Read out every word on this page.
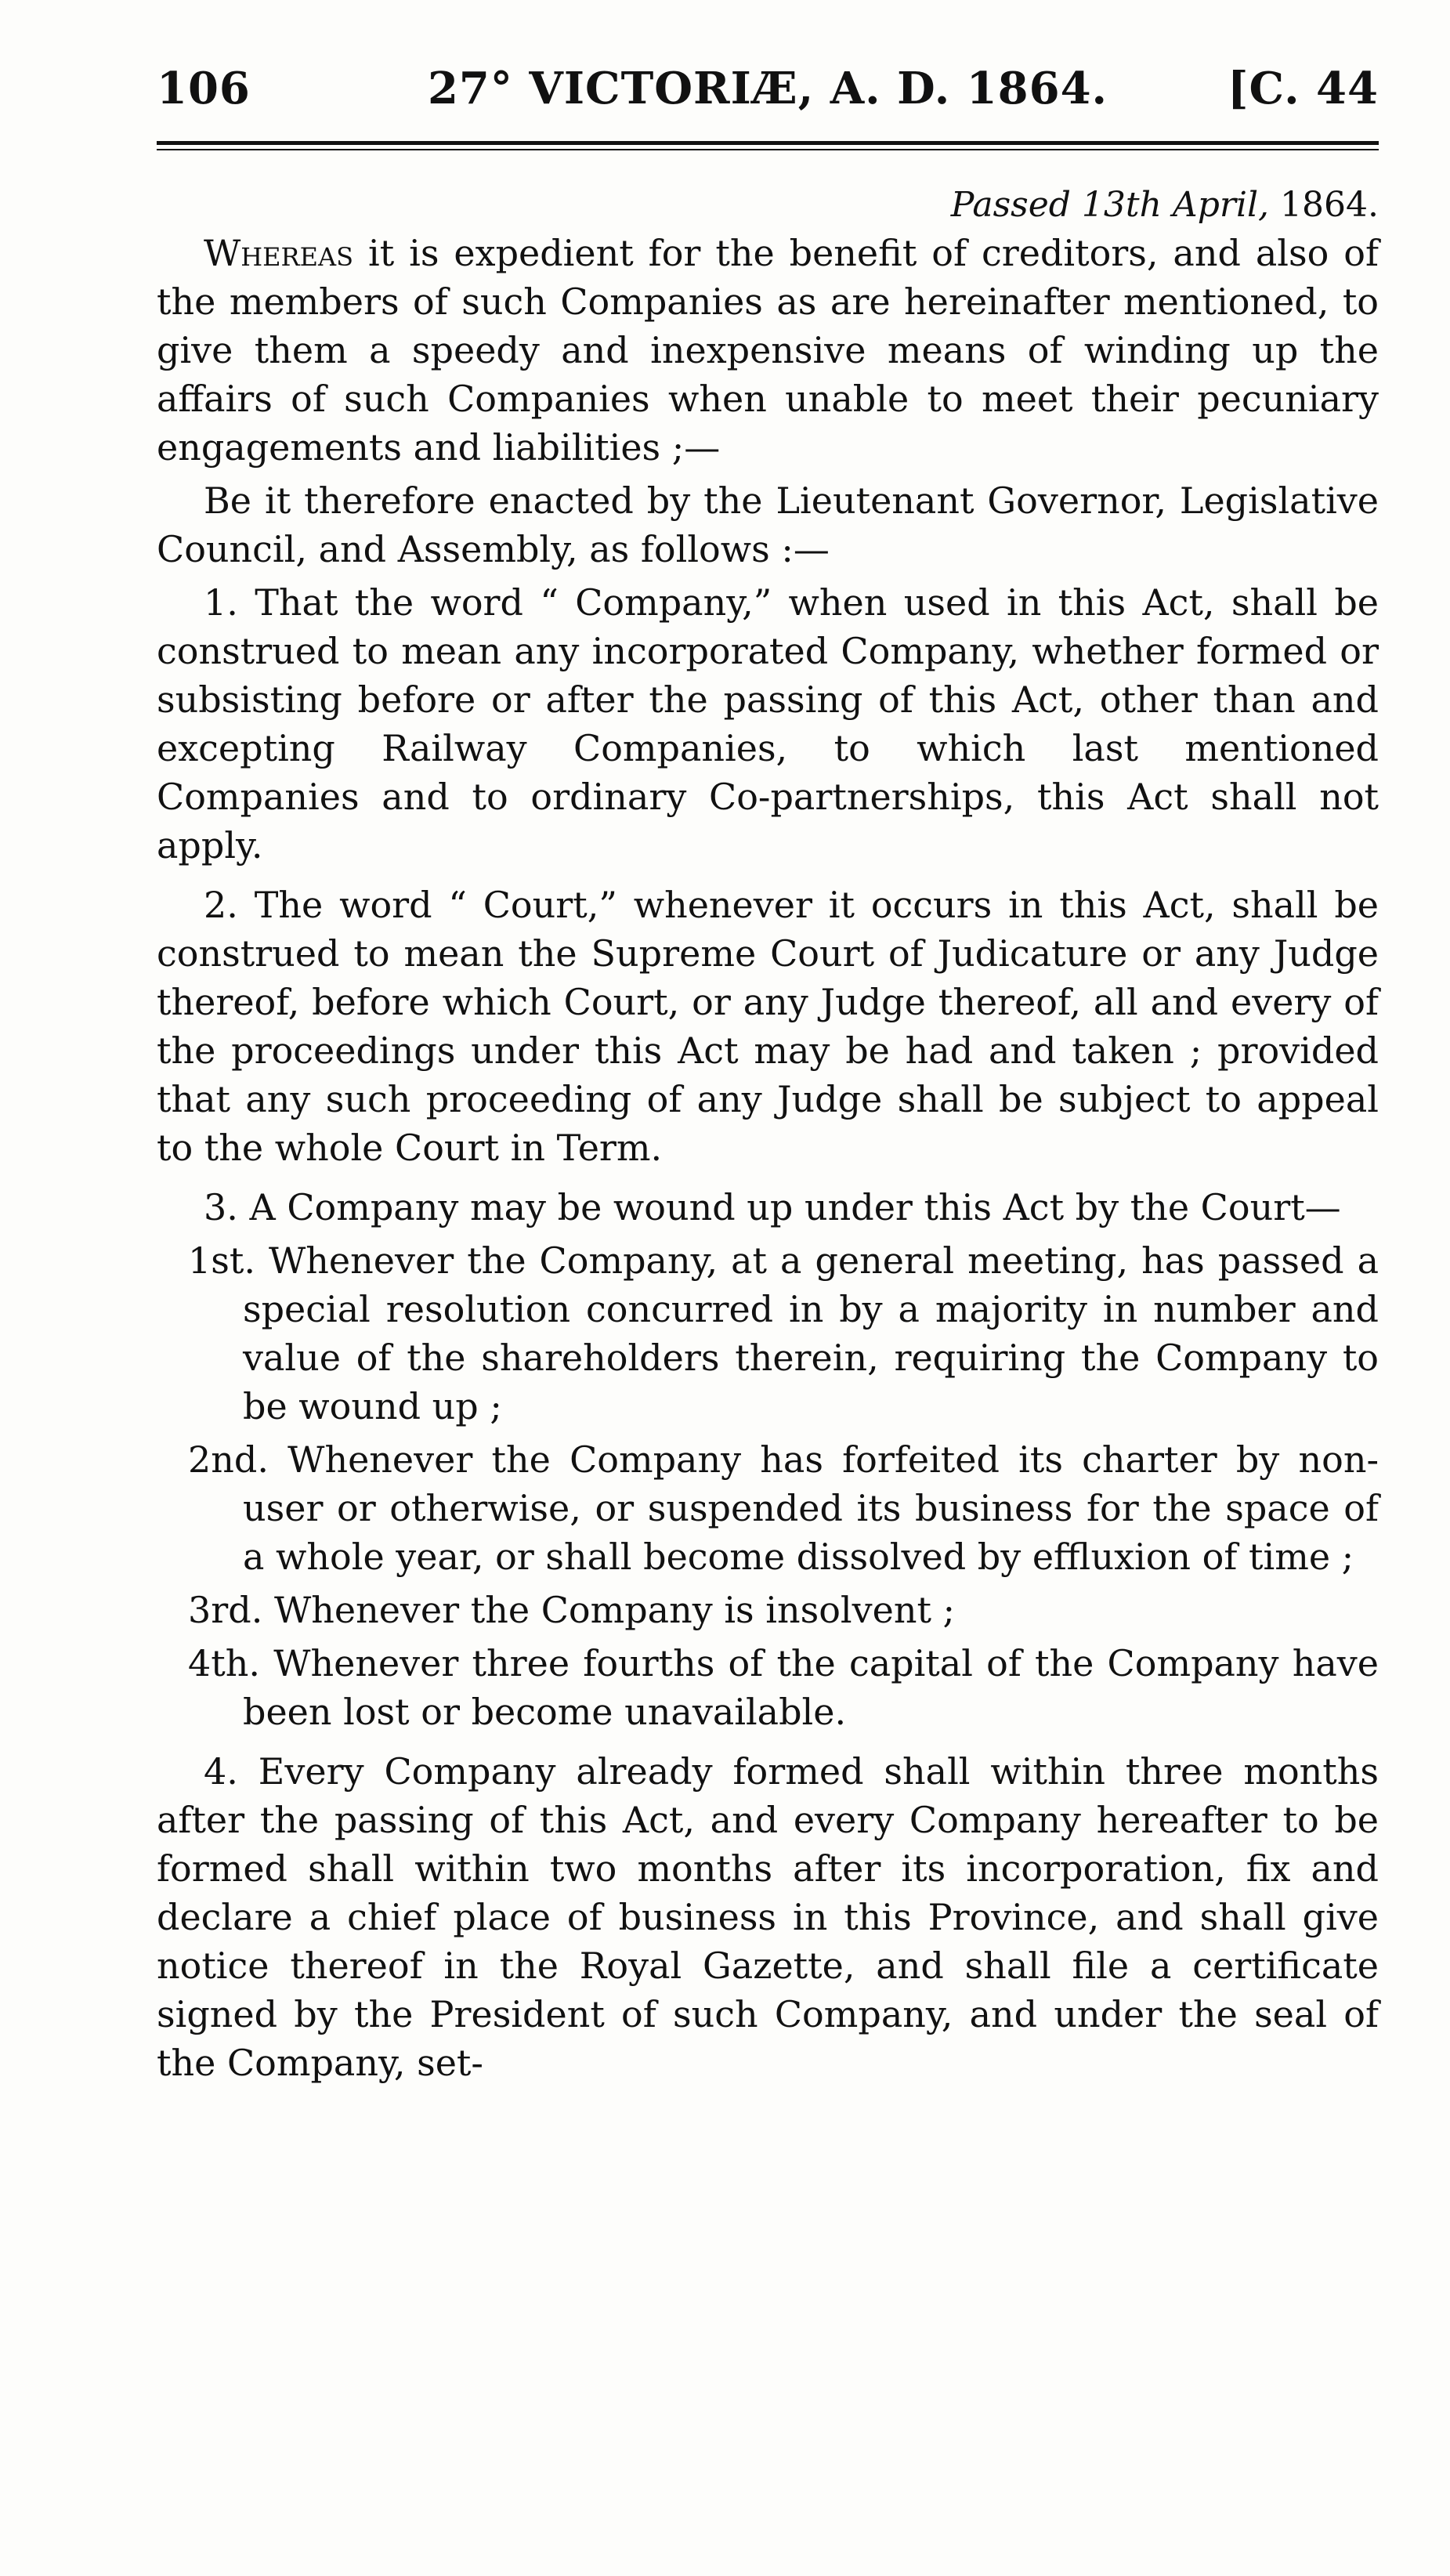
106	27° VICTORIÆ, A. D. 1864.	[C. 44
Passed 13th April, 1864.

Whereas it is expedient for the benefit of creditors, and also of the members of such Companies as are hereinafter mentioned, to give them a speedy and inexpensive means of winding up the affairs of such Companies when unable to meet their pecuniary engagements and liabilities ;—

Be it therefore enacted by the Lieutenant Governor, Legislative Council, and Assembly, as follows :—

1. That the word “ Company,” when used in this Act, shall be construed to mean any incorporated Company, whether formed or subsisting before or after the passing of this Act, other than and excepting Railway Companies, to which last mentioned Companies and to ordinary Co-partnerships, this Act shall not apply.

2. The word “ Court,” whenever it occurs in this Act, shall be construed to mean the Supreme Court of Judicature or any Judge thereof, before which Court, or any Judge thereof, all and every of the proceedings under this Act may be had and taken ; provided that any such proceeding of any Judge shall be subject to appeal to the whole Court in Term.

3. A Company may be wound up under this Act by the Court—

1st. Whenever the Company, at a general meeting, has passed a special resolution concurred in by a majority in number and value of the shareholders therein, requiring the Company to be wound up ;

2nd. Whenever the Company has forfeited its charter by non-user or otherwise, or suspended its business for the space of a whole year, or shall become dissolved by effluxion of time ;

3rd. Whenever the Company is insolvent ;

4th. Whenever three fourths of the capital of the Company have been lost or become unavailable.

4. Every Company already formed shall within three months after the passing of this Act, and every Company hereafter to be formed shall within two months after its incorporation, fix and declare a chief place of business in this Province, and shall give notice thereof in the Royal Gazette, and shall file a certificate signed by the President of such Company, and under the seal of the Company, set-
